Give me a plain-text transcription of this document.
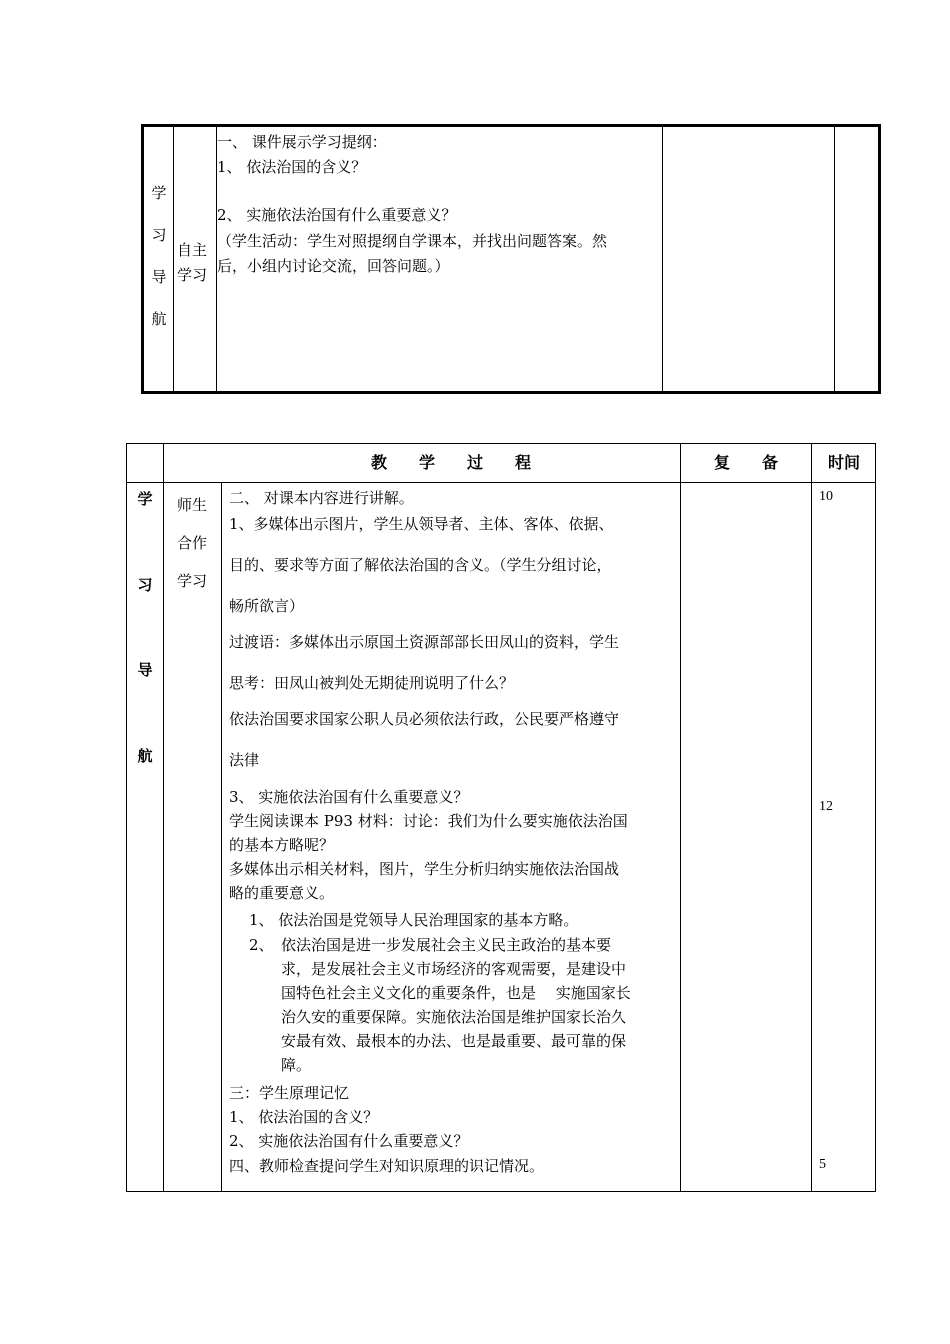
学
习
导
航
自主
学习
一、 课件展示学习提纲：
1、 依法治国的含义？
2、 实施依法治国有什么重要意义？
（学生活动：学生对照提纲自学课本，并找出问题答案。然
后，小组内讨论交流，回答问题。）
教　　学　　过　　程	复　　备	时间
学
习
导
航
师生
合作
学习
二、 对课本内容进行讲解。
1、多媒体出示图片，学生从领导者、主体、客体、依据、
目的、要求等方面了解依法治国的含义。（学生分组讨论，
畅所欲言）
过渡语：多媒体出示原国土资源部部长田凤山的资料，学生
思考：田凤山被判处无期徒刑说明了什么？
依法治国要求国家公职人员必须依法行政，公民要严格遵守
法律
3、 实施依法治国有什么重要意义？
学生阅读课本 P93 材料：讨论：我们为什么要实施依法治国
的基本方略呢？
多媒体出示相关材料，图片，学生分析归纳实施依法治国战
略的重要意义。
1、 依法治国是党领导人民治理国家的基本方略。
2、 依法治国是进一步发展社会主义民主政治的基本要
求，是发展社会主义市场经济的客观需要，是建设中
国特色社会主义文化的重要条件，也是　 实施国家长
治久安的重要保障。实施依法治国是维护国家长治久
安最有效、最根本的办法、也是最重要、最可靠的保
障。
三：学生原理记忆
1、 依法治国的含义？
2、 实施依法治国有什么重要意义？
四、教师检查提问学生对知识原理的识记情况。
10
12
5
